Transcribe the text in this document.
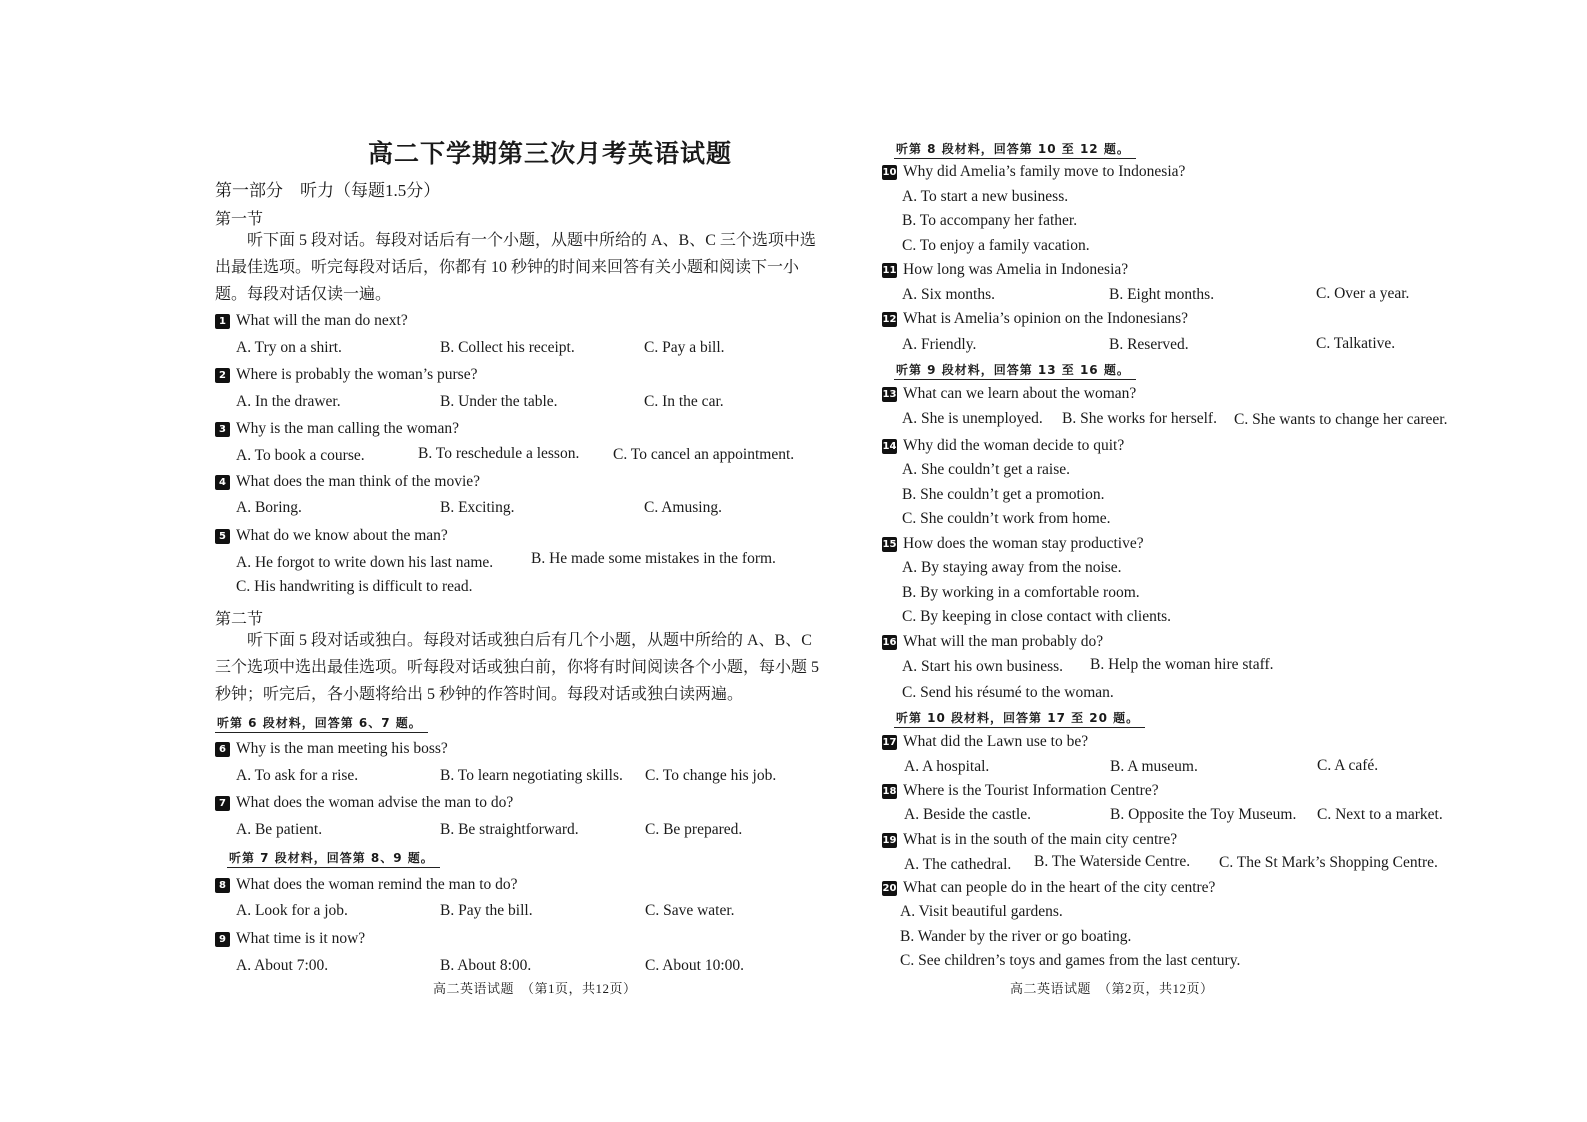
高二下学期第三次月考英语试题
第一部分　听力（每题1.5分）
第一节
听下面 5 段对话。每段对话后有一个小题，从题中所给的 A、B、C 三个选项中选出最佳选项。听完每段对话后，你都有 10 秒钟的时间来回答有关小题和阅读下一小题。每段对话仅读一遍。
1 What will the man do next?
A. Try on a shirt.	B. Collect his receipt.	C. Pay a bill.
2 Where is probably the woman’s purse?
A. In the drawer.	B. Under the table.	C. In the car.
3 Why is the man calling the woman?
A. To book a course.	B. To reschedule a lesson. C. To cancel an appointment.
4 What does the man think of the movie?
A. Boring.	B. Exciting.	C. Amusing.
5 What do we know about the man?
A. He forgot to write down his last name. B. He made some mistakes in the form.
C. His handwriting is difficult to read.
第二节
听下面 5 段对话或独白。每段对话或独白后有几个小题，从题中所给的 A、B、C 三个选项中选出最佳选项。听每段对话或独白前，你将有时间阅读各个小题，每小题 5 秒钟；听完后，各小题将给出 5 秒钟的作答时间。每段对话或独白读两遍。
听第 6 段材料，回答第 6、7 题。
6 Why is the man meeting his boss?
A. To ask for a rise.	B. To learn negotiating skills. C. To change his job.
7 What does the woman advise the man to do?
A. Be patient.	B. Be straightforward.	C. Be prepared.
听第 7 段材料，回答第 8、9 题。
8 What does the woman remind the man to do?
A. Look for a job.	B. Pay the bill.	C. Save water.
9 What time is it now?
A. About 7:00.	B. About 8:00.	C. About 10:00.
高二英语试题　（第1页，共12页）
听第 8 段材料，回答第 10 至 12 题。
10 Why did Amelia’s family move to Indonesia?
A. To start a new business.
B. To accompany her father.
C. To enjoy a family vacation.
11 How long was Amelia in Indonesia?
A. Six months.	B. Eight months.	C. Over a year.
12 What is Amelia’s opinion on the Indonesians?
A. Friendly.	B. Reserved.	C. Talkative.
听第 9 段材料，回答第 13 至 16 题。
13 What can we learn about the woman?
A. She is unemployed. B. She works for herself. C. She wants to change her career.
14 Why did the woman decide to quit?
A. She couldn’t get a raise.
B. She couldn’t get a promotion.
C. She couldn’t work from home.
15 How does the woman stay productive?
A. By staying away from the noise.
B. By working in a comfortable room.
C. By keeping in close contact with clients.
16 What will the man probably do?
A. Start his own business. B. Help the woman hire staff.
C. Send his résumé to the woman.
听第 10 段材料，回答第 17 至 20 题。
17 What did the Lawn use to be?
A. A hospital.	B. A museum.	C. A café.
18 Where is the Tourist Information Centre?
A. Beside the castle.	B. Opposite the Toy Museum. C. Next to a market.
19 What is in the south of the main city centre?
A. The cathedral. B. The Waterside Centre. C. The St Mark’s Shopping Centre.
20 What can people do in the heart of the city centre?
A. Visit beautiful gardens.
B. Wander by the river or go boating.
C. See children’s toys and games from the last century.
高二英语试题　（第2页，共12页）
